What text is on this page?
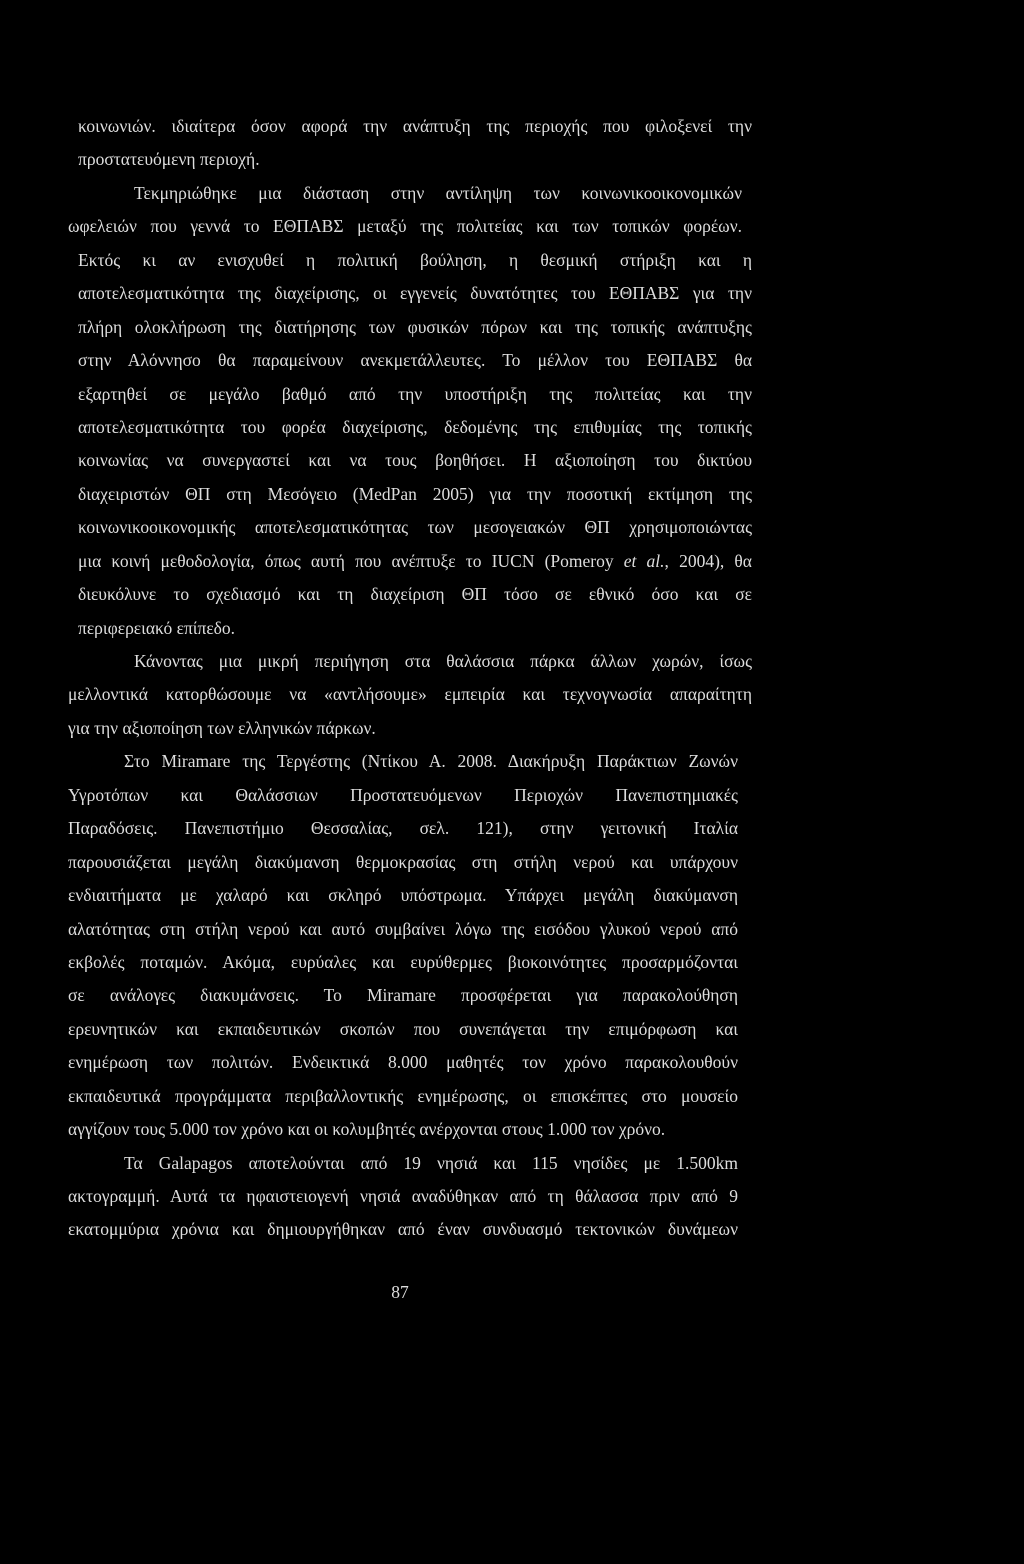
κοινωνιών. ιδιαίτερα όσον αφορά την ανάπτυξη της περιοχής που φιλοξενεί την
προστατευόμενη περιοχή.
Τεκμηριώθηκε μια διάσταση στην αντίληψη των κοινωνικοοικονομικών
ωφελειών που γεννά το ΕΘΠΑΒΣ μεταξύ της πολιτείας και των τοπικών φορέων.
Εκτός κι αν ενισχυθεί η πολιτική βούληση, η θεσμική στήριξη και η
αποτελεσματικότητα της διαχείρισης, οι εγγενείς δυνατότητες του ΕΘΠΑΒΣ για την
πλήρη ολοκλήρωση της διατήρησης των φυσικών πόρων και της τοπικής ανάπτυξης
στην Αλόννησο θα παραμείνουν ανεκμετάλλευτες. Το μέλλον του ΕΘΠΑΒΣ θα
εξαρτηθεί σε μεγάλο βαθμό από την υποστήριξη της πολιτείας και την
αποτελεσματικότητα του φορέα διαχείρισης, δεδομένης της επιθυμίας της τοπικής
κοινωνίας να συνεργαστεί και να τους βοηθήσει. Η αξιοποίηση του δικτύου
διαχειριστών ΘΠ στη Μεσόγειο (MedPan 2005) για την ποσοτική εκτίμηση της
κοινωνικοοικονομικής αποτελεσματικότητας των μεσογειακών ΘΠ χρησιμοποιώντας
μια κοινή μεθοδολογία, όπως αυτή που ανέπτυξε το IUCN (Pomeroy et al., 2004), θα
διευκόλυνε το σχεδιασμό και τη διαχείριση ΘΠ τόσο σε εθνικό όσο και σε
περιφερειακό επίπεδο.
Κάνοντας μια μικρή περιήγηση στα θαλάσσια πάρκα άλλων χωρών, ίσως
μελλοντικά κατορθώσουμε να «αντλήσουμε» εμπειρία και τεχνογνωσία απαραίτητη
για την αξιοποίηση των ελληνικών πάρκων.
Στο Miramare της Τεργέστης (Ντίκου Α. 2008. Διακήρυξη Παράκτιων Ζωνών
Υγροτόπων και Θαλάσσιων Προστατευόμενων Περιοχών Πανεπιστημιακές
Παραδόσεις. Πανεπιστήμιο Θεσσαλίας, σελ. 121), στην γειτονική Ιταλία
παρουσιάζεται μεγάλη διακύμανση θερμοκρασίας στη στήλη νερού και υπάρχουν
ενδιαιτήματα με χαλαρό και σκληρό υπόστρωμα. Υπάρχει μεγάλη διακύμανση
αλατότητας στη στήλη νερού και αυτό συμβαίνει λόγω της εισόδου γλυκού νερού από
εκβολές ποταμών. Ακόμα, ευρύαλες και ευρύθερμες βιοκοινότητες προσαρμόζονται
σε ανάλογες διακυμάνσεις. Το Miramare προσφέρεται για παρακολούθηση
ερευνητικών και εκπαιδευτικών σκοπών που συνεπάγεται την επιμόρφωση και
ενημέρωση των πολιτών. Ενδεικτικά 8.000 μαθητές τον χρόνο παρακολουθούν
εκπαιδευτικά προγράμματα περιβαλλοντικής ενημέρωσης, οι επισκέπτες στο μουσείο
αγγίζουν τους 5.000 τον χρόνο και οι κολυμβητές ανέρχονται στους 1.000 τον χρόνο.
Τα Galapagos αποτελούνται από 19 νησιά και 115 νησίδες με 1.500km
ακτογραμμή. Αυτά τα ηφαιστειογενή νησιά αναδύθηκαν από τη θάλασσα πριν από 9
εκατομμύρια χρόνια και δημιουργήθηκαν από έναν συνδυασμό τεκτονικών δυνάμεων
87
